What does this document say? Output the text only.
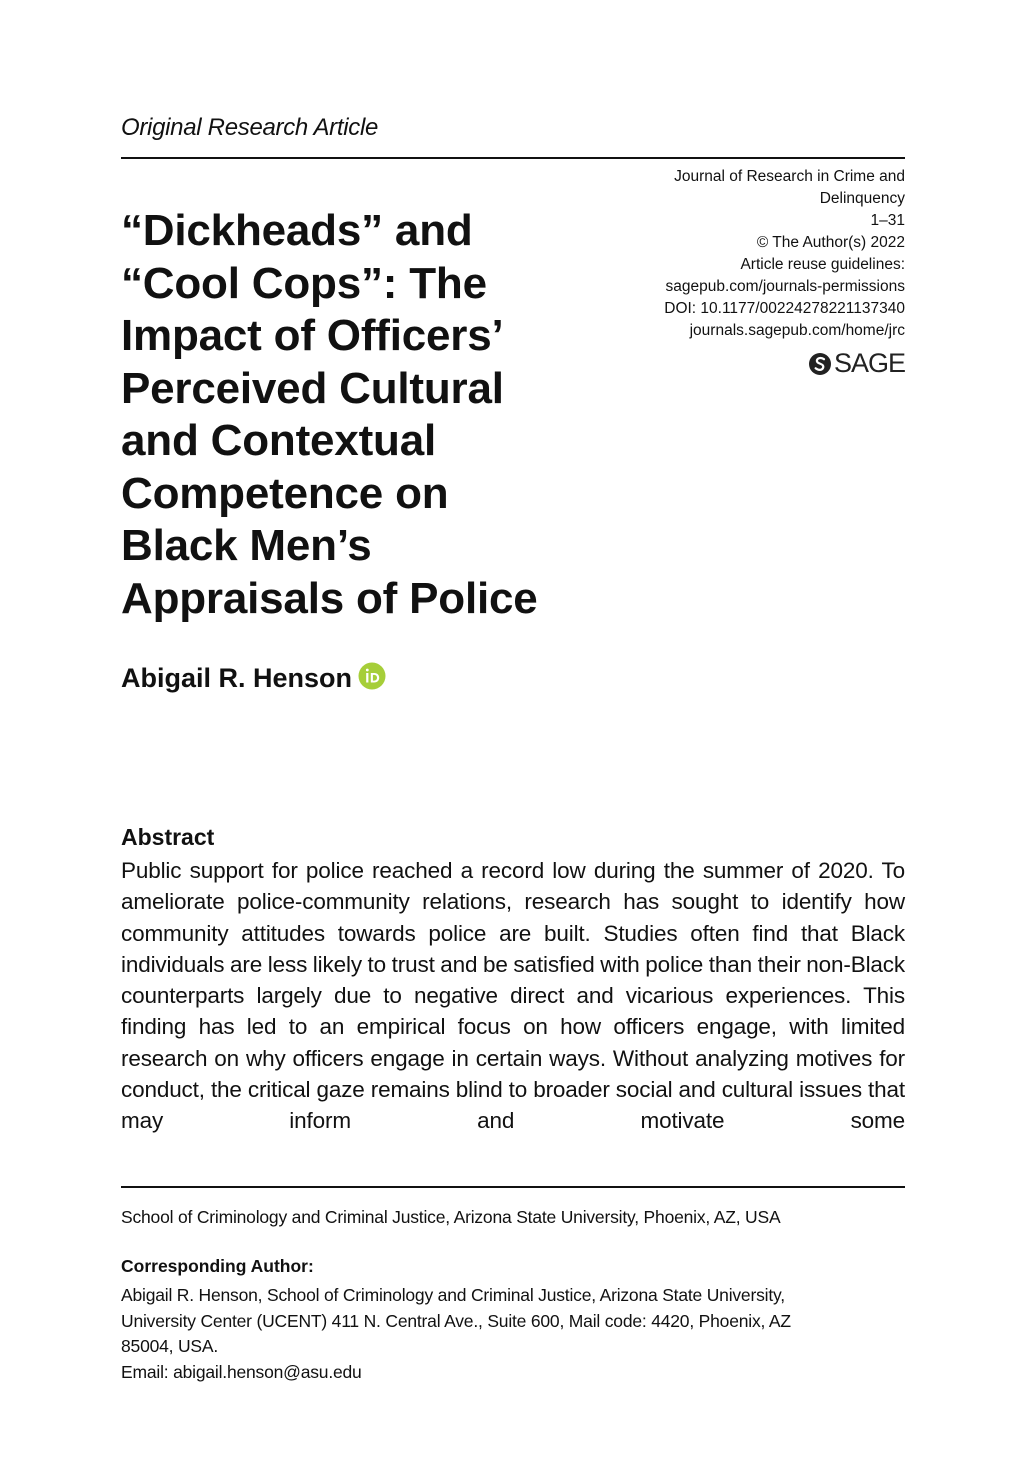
Original Research Article
Journal of Research in Crime and Delinquency
1–31
© The Author(s) 2022
Article reuse guidelines:
sagepub.com/journals-permissions
DOI: 10.1177/00224278221137340
journals.sagepub.com/home/jrc
SAGE
“Dickheads” and
“Cool Cops”: The
Impact of Officers’
Perceived Cultural
and Contextual
Competence on
Black Men’s
Appraisals of Police
Abigail R. Henson
Abstract
Public support for police reached a record low during the summer of 2020. To ameliorate police-community relations, research has sought to identify how community attitudes towards police are built. Studies often find that Black individuals are less likely to trust and be satisfied with police than their non-Black counterparts largely due to negative direct and vicarious experiences. This finding has led to an empirical focus on how officers engage, with limited research on why officers engage in certain ways. Without analyzing motives for conduct, the critical gaze remains blind to broader social and cultural issues that may inform and motivate some
School of Criminology and Criminal Justice, Arizona State University, Phoenix, AZ, USA
Corresponding Author:
Abigail R. Henson, School of Criminology and Criminal Justice, Arizona State University,
University Center (UCENT) 411 N. Central Ave., Suite 600, Mail code: 4420, Phoenix, AZ
85004, USA.
Email: abigail.henson@asu.edu
